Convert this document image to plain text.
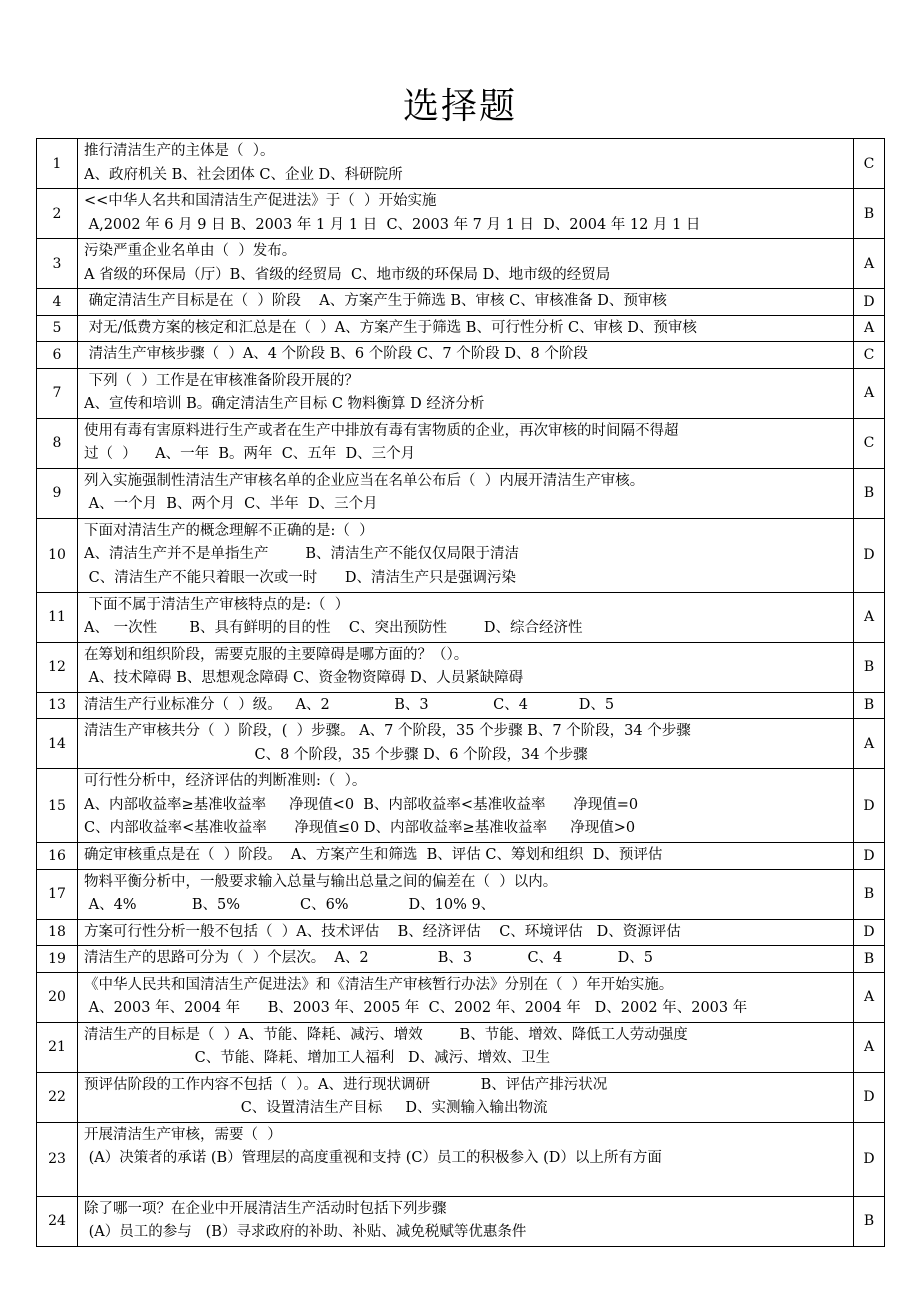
选择题
1	推行清洁生产的主体是（  ）。
A、政府机关 B、社会团体 C、企业 D、科研院所	C
2	<<中华人名共和国清洁生产促进法》于（  ）开始实施
A,2002 年 6 月 9 日 B、2003 年 1 月 1 日  C、2003 年 7 月 1 日  D、2004 年 12 月 1 日	B
3	污染严重企业名单由（  ）发布。
A 省级的环保局（厅）B、省级的经贸局  C、地市级的环保局 D、地市级的经贸局	A
4	确定清洁生产目标是在（  ）阶段    A、方案产生于筛选 B、审核 C、审核准备 D、预审核	D
5	对无/低费方案的核定和汇总是在（  ）A、方案产生于筛选 B、可行性分析 C、审核 D、预审核	A
6	清洁生产审核步骤（  ）A、4 个阶段 B、6 个阶段 C、7 个阶段 D、8 个阶段	C
7	下列（  ）工作是在审核准备阶段开展的？
A、宣传和培训 B。确定清洁生产目标 C 物料衡算 D 经济分析	A
8	使用有毒有害原料进行生产或者在生产中排放有毒有害物质的企业，再次审核的时间隔不得超
过（  ）    A、一年  B。两年  C、五年  D、三个月	C
9	列入实施强制性清洁生产审核名单的企业应当在名单公布后（  ）内展开清洁生产审核。
A、一个月  B、两个月  C、半年  D、三个月	B
10	下面对清洁生产的概念理解不正确的是:（  ）
A、清洁生产并不是单指生产        B、清洁生产不能仅仅局限于清洁
C、清洁生产不能只着眼一次或一时      D、清洁生产只是强调污染	D
11	下面不属于清洁生产审核特点的是:（  ）
A、 一次性       B、具有鲜明的目的性    C、突出预防性        D、综合经济性	A
12	在筹划和组织阶段，需要克服的主要障碍是哪方面的？（）。
A、技术障碍 B、思想观念障碍 C、资金物资障碍 D、人员紧缺障碍	B
13	清洁生产行业标准分（  ）级。   A、2              B、3              C、4           D、5	B
14	清洁生产审核共分（  ）阶段，(  ）步骤。 A、7 个阶段，35 个步骤 B、7 个阶段，34 个步骤
C、8 个阶段，35 个步骤 D、6 个阶段，34 个步骤	A
15	可行性分析中，经济评估的判断准则:（  ）。
A、内部收益率≥基准收益率     净现值<0  B、内部收益率<基准收益率      净现值=0
C、内部收益率<基准收益率      净现值≤0 D、内部收益率≥基准收益率     净现值>0	D
16	确定审核重点是在（  ）阶段。  A、方案产生和筛选  B、评估 C、筹划和组织  D、预评估	D
17	物料平衡分析中，一般要求输入总量与输出总量之间的偏差在（  ）以内。
A、4%            B、5%             C、6%             D、10% 9、	B
18	方案可行性分析一般不包括（  ）A、技术评估    B、经济评估    C、环境评估   D、资源评估	D
19	清洁生产的思路可分为（  ）个层次。  A、2               B、3            C、4            D、5	B
20	《中华人民共和国清洁生产促进法》和《清洁生产审核暂行办法》分别在（  ）年开始实施。
A、2003 年、2004 年      B、2003 年、2005 年  C、2002 年、2004 年   D、2002 年、2003 年	A
21	清洁生产的目标是（  ）A、节能、降耗、减污、增效        B、节能、增效、降低工人劳动强度
C、节能、降耗、增加工人福利   D、减污、增效、卫生	A
22	预评估阶段的工作内容不包括（  ）。A、进行现状调研           B、评估产排污状况
C、设置清洁生产目标     D、实测输入输出物流	D
23	开展清洁生产审核，需要（  ）
(A）决策者的承诺 (B）管理层的高度重视和支持 (C）员工的积极参入 (D）以上所有方面	D
24	除了哪一项？在企业中开展清洁生产活动时包括下列步骤
(A）员工的参与   (B）寻求政府的补助、补贴、减免税赋等优惠条件	B
